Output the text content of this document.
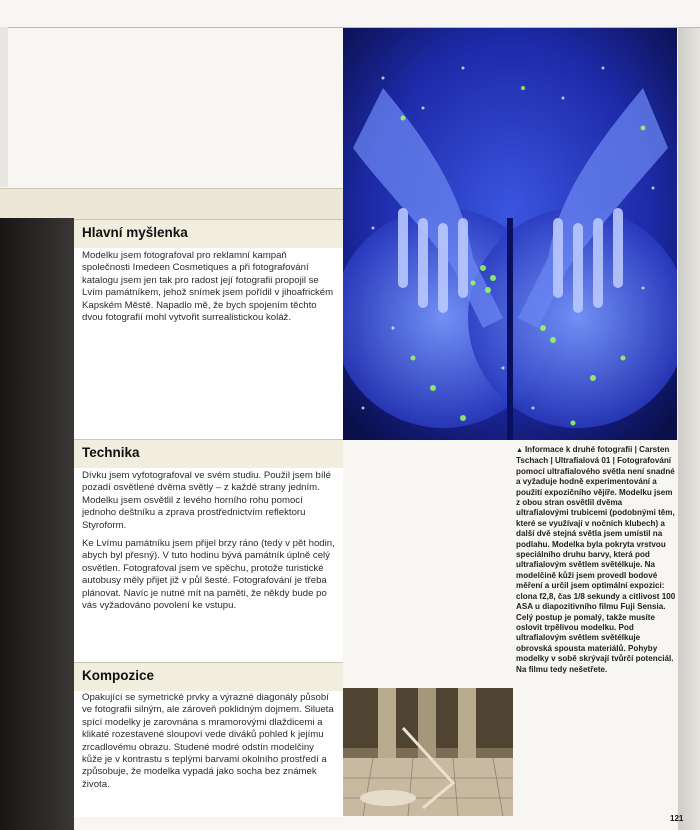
Hlavní myšlenka

Modelku jsem fotografoval pro reklamní kampaň společnosti Imedeen Cosmetiques a při fotografování katalogu jsem jen tak pro radost její fotografii propojil se Lvím památníkem, jehož snímek jsem pořídil v jihoafrickém Kapském Městě. Napadlo mě, že bych spojením těchto dvou fotografií mohl vytvořit surrealistickou koláž.

Technika

Dívku jsem vyfotografoval ve svém studiu. Použil jsem bílé pozadí osvětlené dvěma světly – z každé strany jedním. Modelku jsem osvětlil z levého horního rohu pomocí jednoho deštníku a zprava prostřednictvím reflektoru Styroform.

Ke Lvímu památníku jsem přijel brzy ráno (tedy v pět hodin, abych byl přesný). V tuto hodinu bývá památník úplně celý osvětlen. Fotografoval jsem ve spěchu, protože turistické autobusy měly přijet již v půl šesté. Fotografování je třeba plánovat. Navíc je nutné mít na paměti, že někdy bude po vás vyžadováno povolení ke vstupu.

Kompozice

Opakující se symetrické prvky a výrazné diagonály působí ve fotografii silným, ale zároveň poklidným dojmem. Silueta spící modelky je zarovnána s mramorovými dlaždicemi a klikaté rozestavené sloupoví vede diváků pohled k jejímu zrcadlovému obrazu. Studené modré odstín modelčiny kůže je v kontrastu s teplými barvami okolního prostředí a způsobuje, že modelka vypadá jako socha bez známek života.

▲ Informace k druhé fotografii | Carsten Tschach | Ultrafialová 01 | Fotografování pomocí ultrafialového světla není snadné a vyžaduje hodně experimentování a použití expozičního vějíře. Modelku jsem z obou stran osvětlil dvěma ultrafialovými trubicemi (podobnými těm, které se využívají v nočních klubech) a další dvě stejná světla jsem umístil na podlahu. Modelka byla pokryta vrstvou speciálního druhu barvy, která pod ultrafialovým světlem světélkuje. Na modelčině kůži jsem provedl bodové měření a určil jsem optimální expozici: clona f2,8, čas 1/8 sekundy a citlivost 100 ASA u diapozitivního filmu Fuji Sensia. Celý postup je pomalý, takže musíte oslovit trpělivou modelku. Pod ultrafialovým světlem světélkuje obrovská spousta materiálů. Pohyby modelky v sobě skrývají tvůrčí potenciál. Na filmu tedy nešetřete.
121
